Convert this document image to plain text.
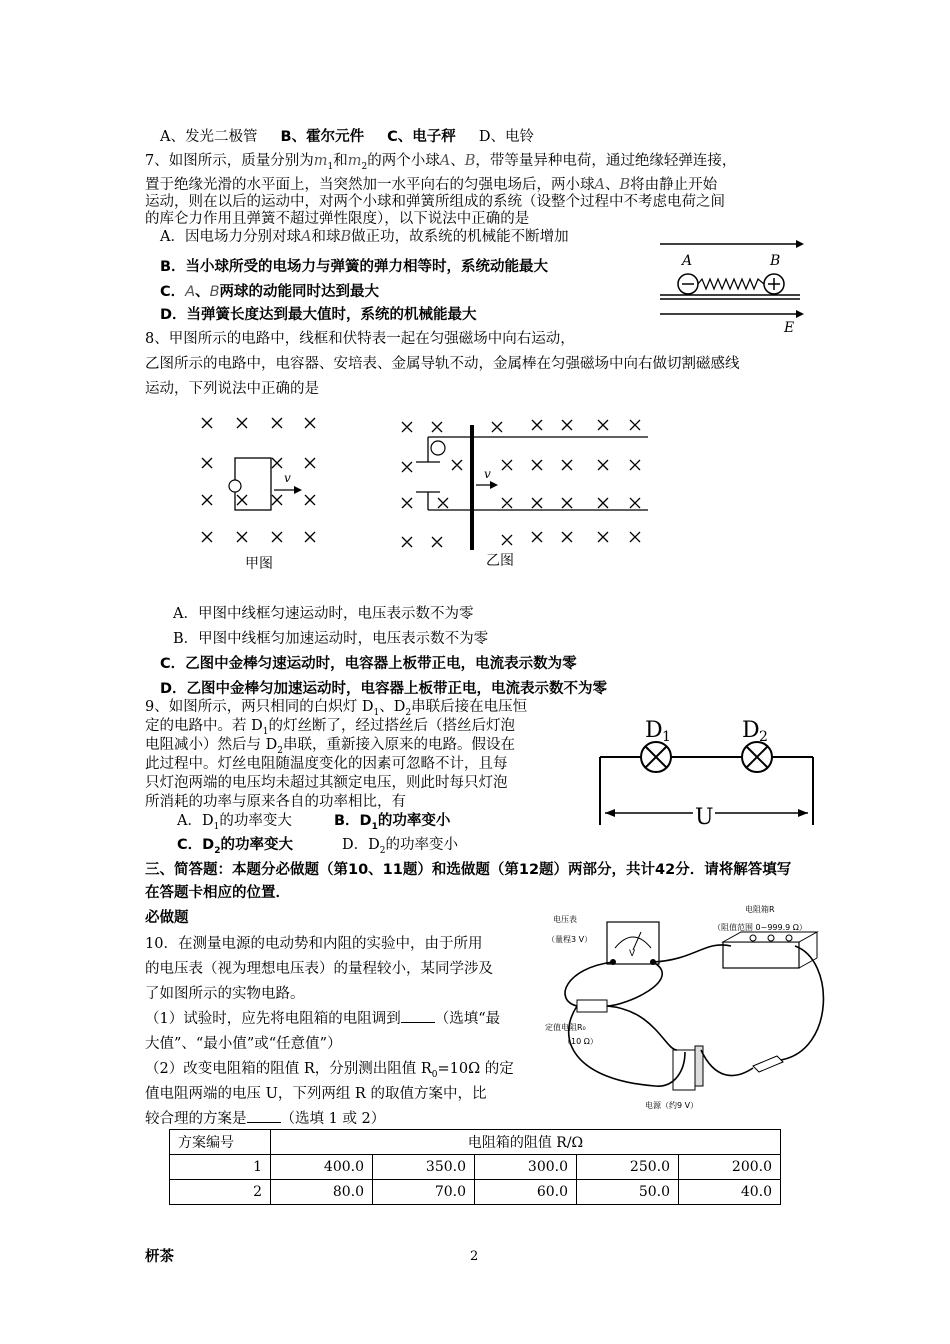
A、发光二极管 B、霍尔元件 C、电子秤 D、电铃
7、如图所示，质量分别为$m_1$和$m_2$的两个小球A、B，带等量异种电荷，通过绝缘轻弹连接，
置于绝缘光滑的水平面上，当突然加一水平向右的匀强电场后，两小球A、B将由静止开始
运动，则在以后的运动中，对两个小球和弹簧所组成的系统（设整个过程中不考虑电荷之间
的库仑力作用且弹簧不超过弹性限度），以下说法中正确的是
A．因电场力分别对球A和球B做正功，故系统的机械能不断增加
B．当小球所受的电场力与弹簧的弹力相等时，系统动能最大
C．A、B两球的动能同时达到最大
D．当弹簧长度达到最大值时，系统的机械能最大
A	B
E
8、甲图所示的电路中，线框和伏特表一起在匀强磁场中向右运动，
乙图所示的电路中，电容器、安培表、金属导轨不动，金属棒在匀强磁场中向右做切割磁感线
运动，下列说法中正确的是
v
甲图
v
乙图
A．甲图中线框匀速运动时，电压表示数不为零
B．甲图中线框匀加速运动时，电压表示数不为零
C．乙图中金棒匀速运动时，电容器上板带正电，电流表示数为零
D．乙图中金棒匀加速运动时，电容器上板带正电，电流表示数不为零
9、如图所示，两只相同的白炽灯 $D_1$、$D_2$串联后接在电压恒
定的电路中。若 $D_1$的灯丝断了，经过搭丝后（搭丝后灯泡
电阻减小）然后与 $D_2$串联，重新接入原来的电路。假设在
此过程中。灯丝电阻随温度变化的因素可忽略不计，且每
只灯泡两端的电压均未超过其额定电压，则此时每只灯泡
所消耗的功率与原来各自的功率相比，有
A．$D_1$的功率变大	B．$D_1$的功率变小
C．$D_2$的功率变大	D．$D_2$的功率变小
D 1	D 2
U
三、简答题：本题分必做题（第10、11题）和选做题（第12题）两部分，共计42分．请将解答填写
在答题卡相应的位置．
必做题
10．在测量电源的电动势和内阻的实验中，由于所用
的电压表（视为理想电压表）的量程较小，某同学涉及
了如图所示的实物电路。
（1）试验时，应先将电阻箱的电阻调到 （选填“最
大值”、“最小值”或“任意值”）
（2）改变电阻箱的阻值 R，分别测出阻值 $R_0=10\Omega$ 的定
值电阻两端的电压 U，下列两组 R 的取值方案中，比
较合理的方案是 （选填 1 或 2）
电压表
（量程3 V）
电阻箱R
（阻值范围 0~999.9 Ω）
定值电阻R₀
（10 Ω）
电源（约9 V）
V
方案编号	电阻箱的阻值 R/Ω				
1	400.0	350.0	300.0	250.0	200.0
2	80.0	70.0	60.0	50.0	40.0
枅茶	2
